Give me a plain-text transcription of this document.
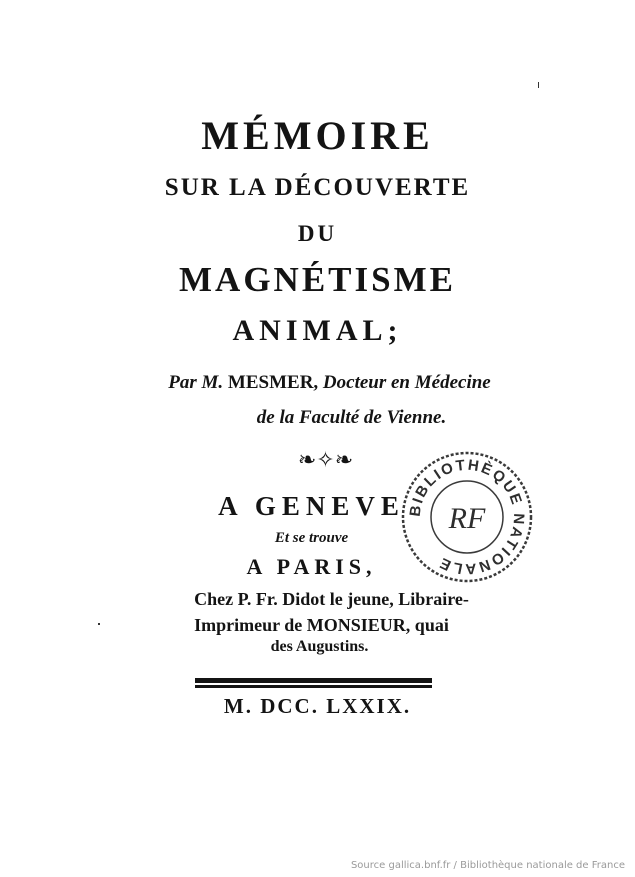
MÉMOIRE
SUR LA DÉCOUVERTE
DU
MAGNÉTISME
ANIMAL;
Par M. MESMER, Docteur en Médecine
de la Faculté de Vienne.
❧✧❧
A GENEVE
Et se trouve
A PARIS,
Chez P. Fr. Didot le jeune, Libraire-
Imprimeur de MONSIEUR, quai
des Augustins.
M. DCC. LXXIX.
BIBLIOTHÈQUE NATIONALE
RF
Source gallica.bnf.fr / Bibliothèque nationale de France
